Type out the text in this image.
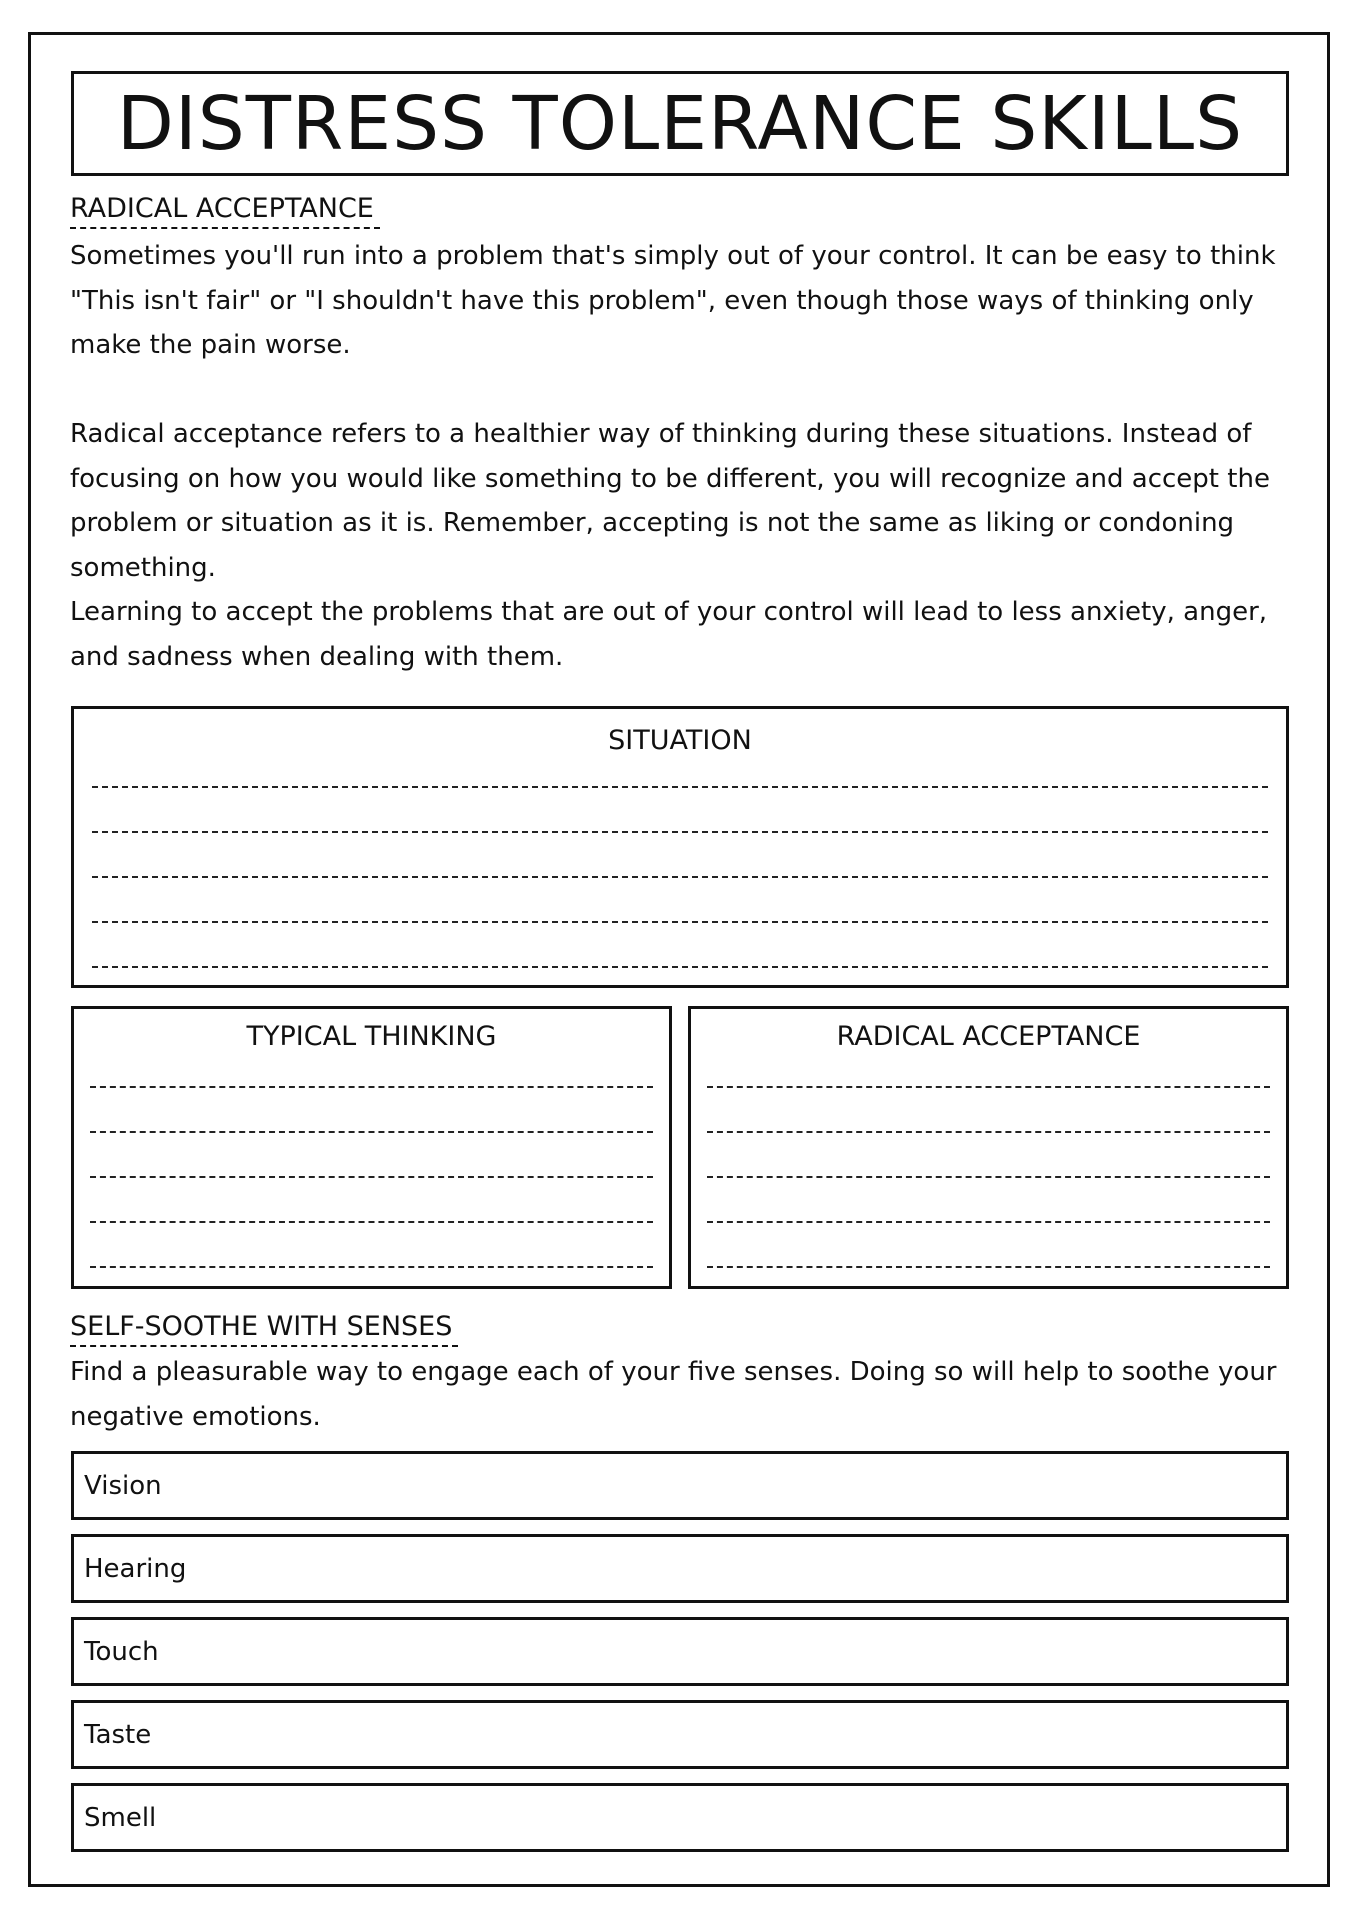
DISTRESS TOLERANCE SKILLS
RADICAL ACCEPTANCE

Sometimes you'll run into a problem that's simply out of your control. It can be easy to think "This isn't fair" or "I shouldn't have this problem", even though those ways of thinking only make the pain worse.

Radical acceptance refers to a healthier way of thinking during these situations. Instead of focusing on how you would like something to be different, you will recognize and accept the problem or situation as it is. Remember, accepting is not the same as liking or condoning something.

Learning to accept the problems that are out of your control will lead to less anxiety, anger, and sadness when dealing with them.

SITUATION
TYPICAL THINKING	RADICAL ACCEPTANCE
SELF-SOOTHE WITH SENSES

Find a pleasurable way to engage each of your five senses. Doing so will help to soothe your negative emotions.

Vision
Hearing
Touch
Taste
Smell
